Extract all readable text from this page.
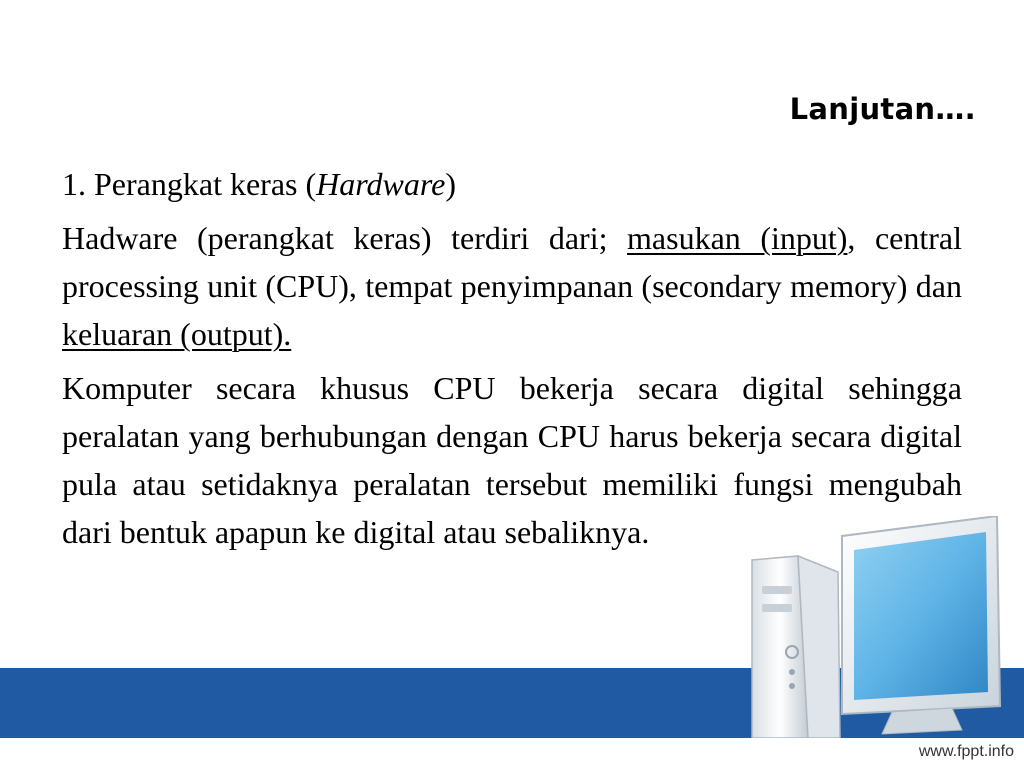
Lanjutan….

1. Perangkat keras (Hardware)

Hadware (perangkat keras) terdiri dari; masukan (input), central processing unit (CPU), tempat penyimpanan (secondary memory) dan keluaran (output).

Komputer secara khusus CPU bekerja secara digital sehingga peralatan yang berhubungan dengan CPU harus bekerja secara digital pula atau setidaknya peralatan tersebut memiliki fungsi mengubah dari bentuk apapun ke digital atau sebaliknya.

www.fppt.info
